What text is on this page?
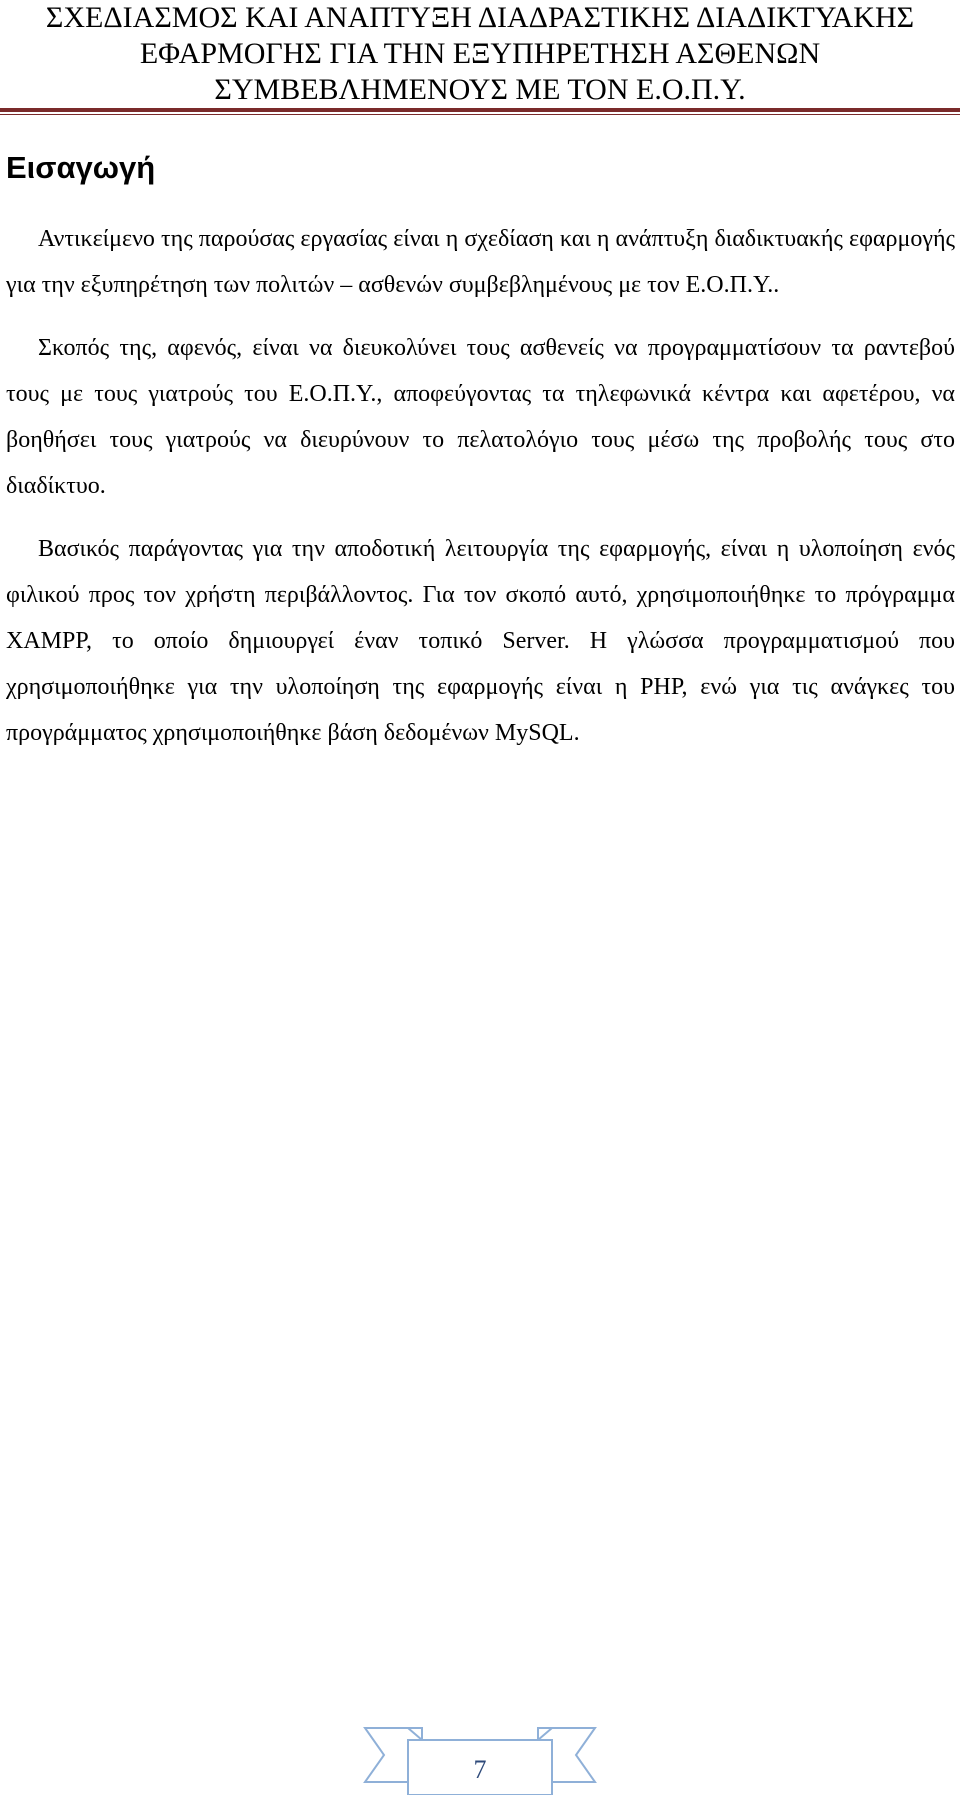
ΣΧΕΔΙΑΣΜΟΣ ΚΑΙ ΑΝΑΠΤΥΞΗ ΔΙΑΔΡΑΣΤΙΚΗΣ ΔΙΑΔΙΚΤΥΑΚΗΣ
ΕΦΑΡΜΟΓΗΣ ΓΙΑ ΤΗΝ ΕΞΥΠΗΡΕΤΗΣΗ ΑΣΘΕΝΩΝ
ΣΥΜΒΕΒΛΗΜΕΝΟΥΣ ΜΕ ΤΟΝ Ε.Ο.Π.Υ.
Εισαγωγή

Αντικείμενο της παρούσας εργασίας είναι η σχεδίαση και η ανάπτυξη διαδικτυακής εφαρμογής για την εξυπηρέτηση των πολιτών – ασθενών συμβεβλημένους με τον Ε.Ο.Π.Υ..

Σκοπός της, αφενός, είναι να διευκολύνει τους ασθενείς να προγραμματίσουν τα ραντεβού τους με τους γιατρούς του Ε.Ο.Π.Υ., αποφεύγοντας τα τηλεφωνικά κέντρα και αφετέρου, να βοηθήσει τους γιατρούς να διευρύνουν το πελατολόγιο τους μέσω της προβολής τους στο διαδίκτυο.

Βασικός παράγοντας για την αποδοτική λειτουργία της εφαρμογής, είναι η υλοποίηση ενός φιλικού προς τον χρήστη περιβάλλοντος. Για τον σκοπό αυτό, χρησιμοποιήθηκε το πρόγραμμα XAMPP, το οποίο δημιουργεί έναν τοπικό Server. Η γλώσσα προγραμματισμού που χρησιμοποιήθηκε για την υλοποίηση της εφαρμογής είναι η PHP, ενώ για τις ανάγκες του προγράμματος χρησιμοποιήθηκε βάση δεδομένων MySQL.

7
